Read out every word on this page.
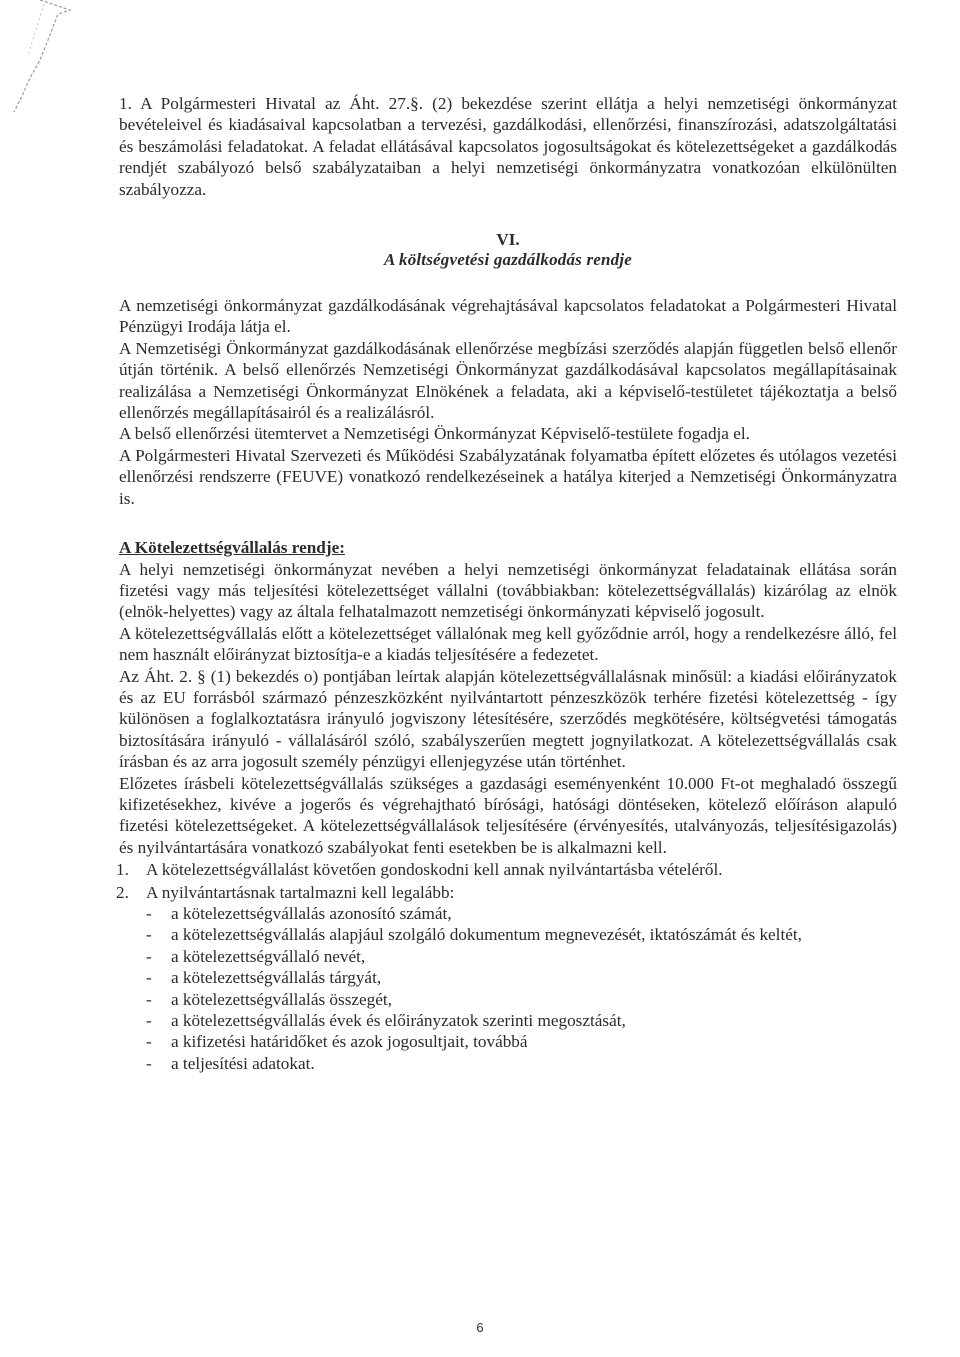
1. A Polgármesteri Hivatal az Áht. 27.§. (2) bekezdése szerint ellátja a helyi nemzetiségi önkormányzat bevételeivel és kiadásaival kapcsolatban a tervezési, gazdálkodási, ellenőrzési, finanszírozási, adatszolgáltatási és beszámolási feladatokat. A feladat ellátásával kapcsolatos jogosultságokat és kötelezettségeket a gazdálkodás rendjét szabályozó belső szabályzataiban a helyi nemzetiségi önkormányzatra vonatkozóan elkülönülten szabályozza.

VI.
A költségvetési gazdálkodás rendje

A nemzetiségi önkormányzat gazdálkodásának végrehajtásával kapcsolatos feladatokat a Polgármesteri Hivatal Pénzügyi Irodája látja el.

A Nemzetiségi Önkormányzat gazdálkodásának ellenőrzése megbízási szerződés alapján független belső ellenőr útján történik. A belső ellenőrzés Nemzetiségi Önkormányzat gazdálkodásával kapcsolatos megállapításainak realizálása a Nemzetiségi Önkormányzat Elnökének a feladata, aki a képviselő-testületet tájékoztatja a belső ellenőrzés megállapításairól és a realizálásról.

A belső ellenőrzési ütemtervet a Nemzetiségi Önkormányzat Képviselő-testülete fogadja el.

A Polgármesteri Hivatal Szervezeti és Működési Szabályzatának folyamatba épített előzetes és utólagos vezetési ellenőrzési rendszerre (FEUVE) vonatkozó rendelkezéseinek a hatálya kiterjed a Nemzetiségi Önkormányzatra is.

A Kötelezettségvállalás rendje:

A helyi nemzetiségi önkormányzat nevében a helyi nemzetiségi önkormányzat feladatainak ellátása során fizetési vagy más teljesítési kötelezettséget vállalni (továbbiakban: kötelezettségvállalás) kizárólag az elnök (elnök-helyettes) vagy az általa felhatalmazott nemzetiségi önkormányzati képviselő jogosult.

A kötelezettségvállalás előtt a kötelezettséget vállalónak meg kell győződnie arról, hogy a rendelkezésre álló, fel nem használt előirányzat biztosítja-e a kiadás teljesítésére a fedezetet.

Az Áht. 2. § (1) bekezdés o) pontjában leírtak alapján kötelezettségvállalásnak minősül: a kiadási előirányzatok és az EU forrásból származó pénzeszközként nyilvántartott pénzeszközök terhére fizetési kötelezettség - így különösen a foglalkoztatásra irányuló jogviszony létesítésére, szerződés megkötésére, költségvetési támogatás biztosítására irányuló - vállalásáról szóló, szabályszerűen megtett jognyilatkozat. A kötelezettségvállalás csak írásban és az arra jogosult személy pénzügyi ellenjegyzése után történhet.

Előzetes írásbeli kötelezettségvállalás szükséges a gazdasági eseményenként 10.000 Ft-ot meghaladó összegű kifizetésekhez, kivéve a jogerős és végrehajtható bírósági, hatósági döntéseken, kötelező előíráson alapuló fizetési kötelezettségeket. A kötelezettségvállalások teljesítésére (érvényesítés, utalványozás, teljesítésigazolás) és nyilvántartására vonatkozó szabályokat fenti esetekben be is alkalmazni kell.

1. A kötelezettségvállalást követően gondoskodni kell annak nyilvántartásba vételéről.
2. A nyilvántartásnak tartalmazni kell legalább:
-	a kötelezettségvállalás azonosító számát,
-	a kötelezettségvállalás alapjául szolgáló dokumentum megnevezését, iktatószámát és keltét,
-	a kötelezettségvállaló nevét,
-	a kötelezettségvállalás tárgyát,
-	a kötelezettségvállalás összegét,
-	a kötelezettségvállalás évek és előirányzatok szerinti megosztását,
-	a kifizetési határidőket és azok jogosultjait, továbbá
-	a teljesítési adatokat.
6
